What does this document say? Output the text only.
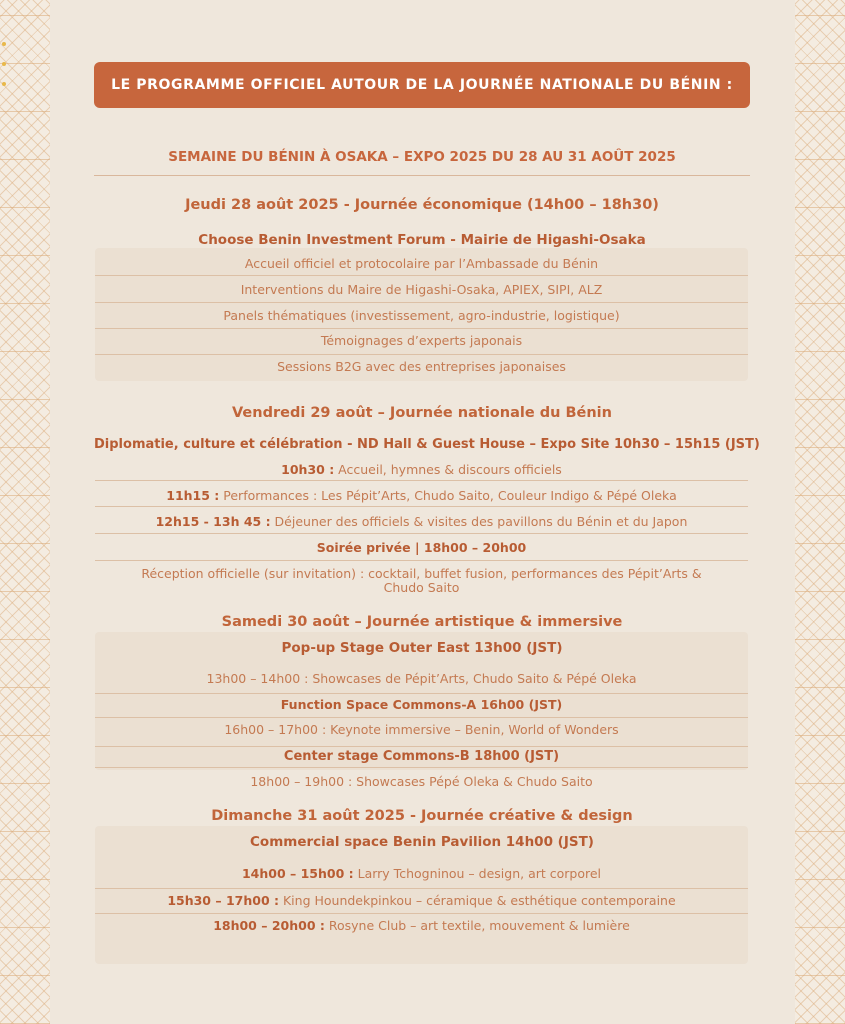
LE PROGRAMME OFFICIEL AUTOUR DE LA JOURNÉE NATIONALE DU BÉNIN :
SEMAINE DU BÉNIN À OSAKA – EXPO 2025 DU 28 AU 31 AOÛT 2025
Jeudi 28 août 2025 - Journée économique (14h00 – 18h30)
Choose Benin Investment Forum - Mairie de Higashi-Osaka
Accueil officiel et protocolaire par l’Ambassade du Bénin
Interventions du Maire de Higashi-Osaka, APIEX, SIPI, ALZ
Panels thématiques (investissement, agro-industrie, logistique)
Témoignages d’experts japonais
Sessions B2G avec des entreprises japonaises
Vendredi 29 août – Journée nationale du Bénin
Diplomatie, culture et célébration - ND Hall & Guest House – Expo Site 10h30 – 15h15 (JST)
10h30 : Accueil, hymnes & discours officiels
11h15 : Performances : Les Pépit’Arts, Chudo Saito, Couleur Indigo & Pépé Oleka
12h15 - 13h 45 : Déjeuner des officiels & visites des pavillons du Bénin et du Japon
Soirée privée | 18h00 – 20h00
Réception officielle (sur invitation) : cocktail, buffet fusion, performances des Pépit’Arts &
Chudo Saito
Samedi 30 août – Journée artistique & immersive
Pop-up Stage Outer East 13h00 (JST)
13h00 – 14h00 : Showcases de Pépit’Arts, Chudo Saito & Pépé Oleka
Function Space Commons-A 16h00 (JST)
16h00 – 17h00 : Keynote immersive – Benin, World of Wonders
Center stage Commons-B 18h00 (JST)
18h00 – 19h00 : Showcases Pépé Oleka & Chudo Saito
Dimanche 31 août 2025 - Journée créative & design
Commercial space Benin Pavilion 14h00 (JST)
14h00 – 15h00 : Larry Tchogninou – design, art corporel
15h30 – 17h00 : King Houndekpinkou – céramique & esthétique contemporaine
18h00 – 20h00 : Rosyne Club – art textile, mouvement & lumière
